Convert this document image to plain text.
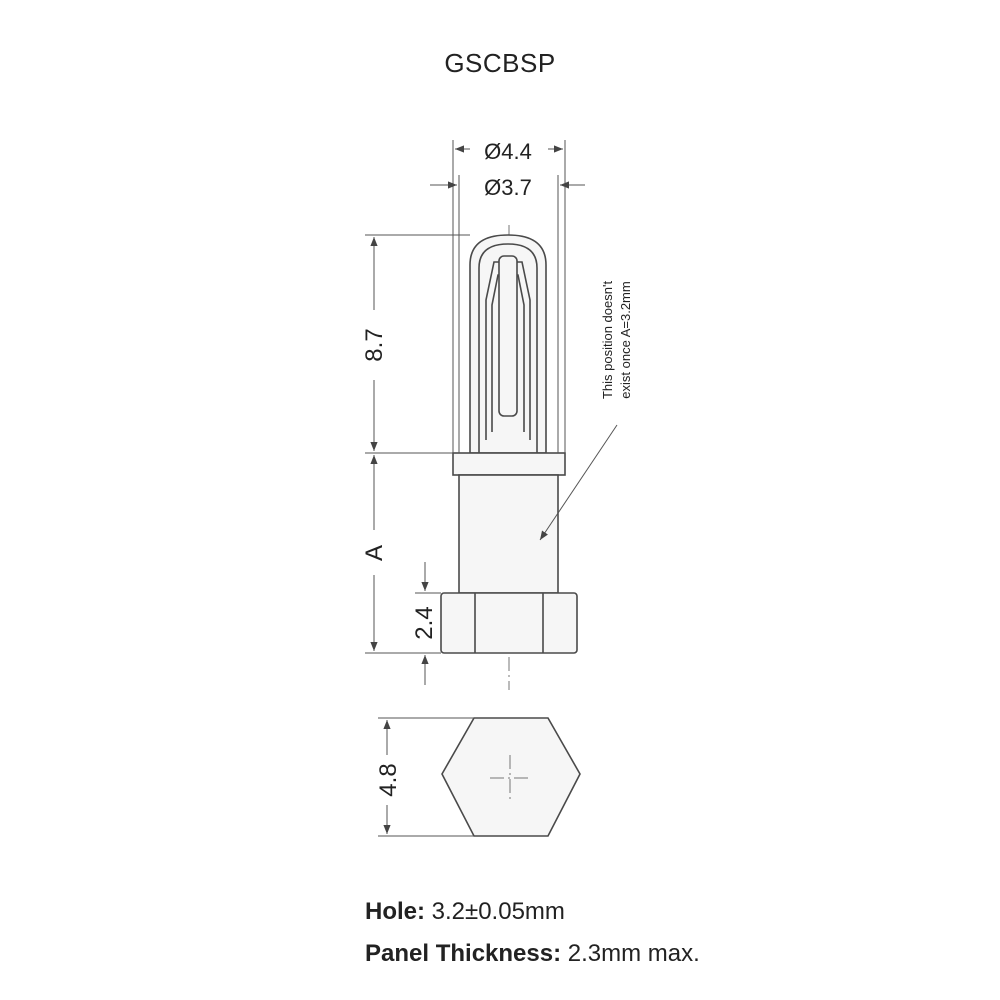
GSCBSP
Ø4.4
Ø3.7
8.7
A
2.4
4.8
This position doesn't exist once A=3.2mm
Hole: 3.2±0.05mm
Panel Thickness: 2.3mm max.
